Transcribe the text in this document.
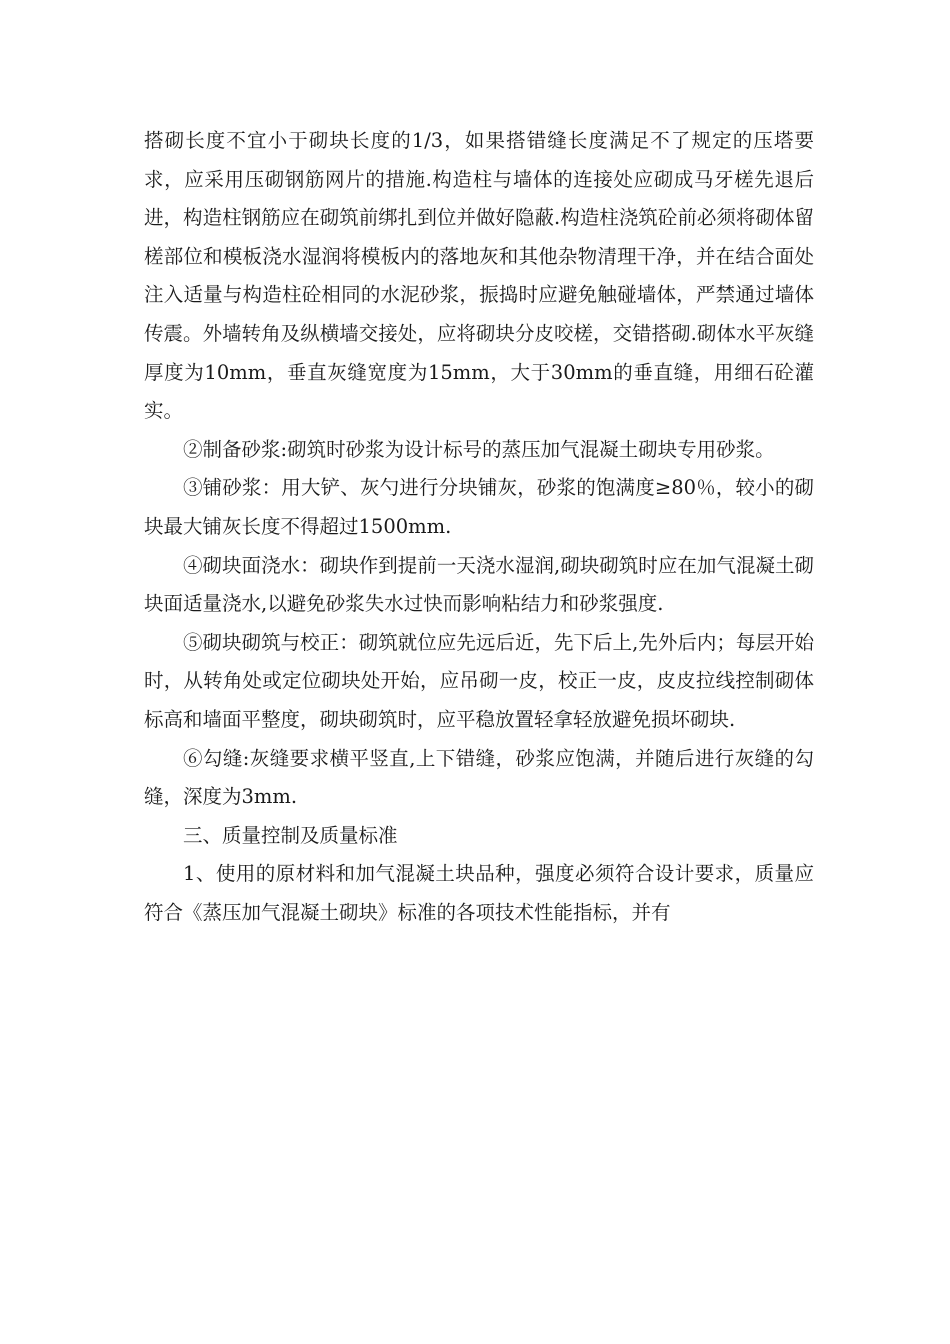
搭砌长度不宜小于砌块长度的1/3，如果搭错缝长度满足不了规定的压塔要求，应采用压砌钢筋网片的措施.构造柱与墙体的连接处应砌成马牙槎先退后进，构造柱钢筋应在砌筑前绑扎到位并做好隐蔽.构造柱浇筑砼前必须将砌体留槎部位和模板浇水湿润将模板内的落地灰和其他杂物清理干净，并在结合面处注入适量与构造柱砼相同的水泥砂浆，振捣时应避免触碰墙体，严禁通过墙体传震。外墙转角及纵横墙交接处，应将砌块分皮咬槎，交错搭砌.砌体水平灰缝厚度为10mm，垂直灰缝宽度为15mm，大于30mm的垂直缝，用细石砼灌实。

②制备砂浆:砌筑时砂浆为设计标号的蒸压加气混凝土砌块专用砂浆。

③铺砂浆：用大铲、灰勺进行分块铺灰，砂浆的饱满度≥80％，较小的砌块最大铺灰长度不得超过1500mm.

④砌块面浇水：砌块作到提前一天浇水湿润,砌块砌筑时应在加气混凝土砌块面适量浇水,以避免砂浆失水过快而影响粘结力和砂浆强度.

⑤砌块砌筑与校正：砌筑就位应先远后近，先下后上,先外后内；每层开始时，从转角处或定位砌块处开始，应吊砌一皮，校正一皮，皮皮拉线控制砌体标高和墙面平整度，砌块砌筑时，应平稳放置轻拿轻放避免损坏砌块.

⑥勾缝:灰缝要求横平竖直,上下错缝，砂浆应饱满，并随后进行灰缝的勾缝，深度为3mm.

三、质量控制及质量标准

1、使用的原材料和加气混凝土块品种，强度必须符合设计要求，质量应符合《蒸压加气混凝土砌块》标准的各项技术性能指标，并有
